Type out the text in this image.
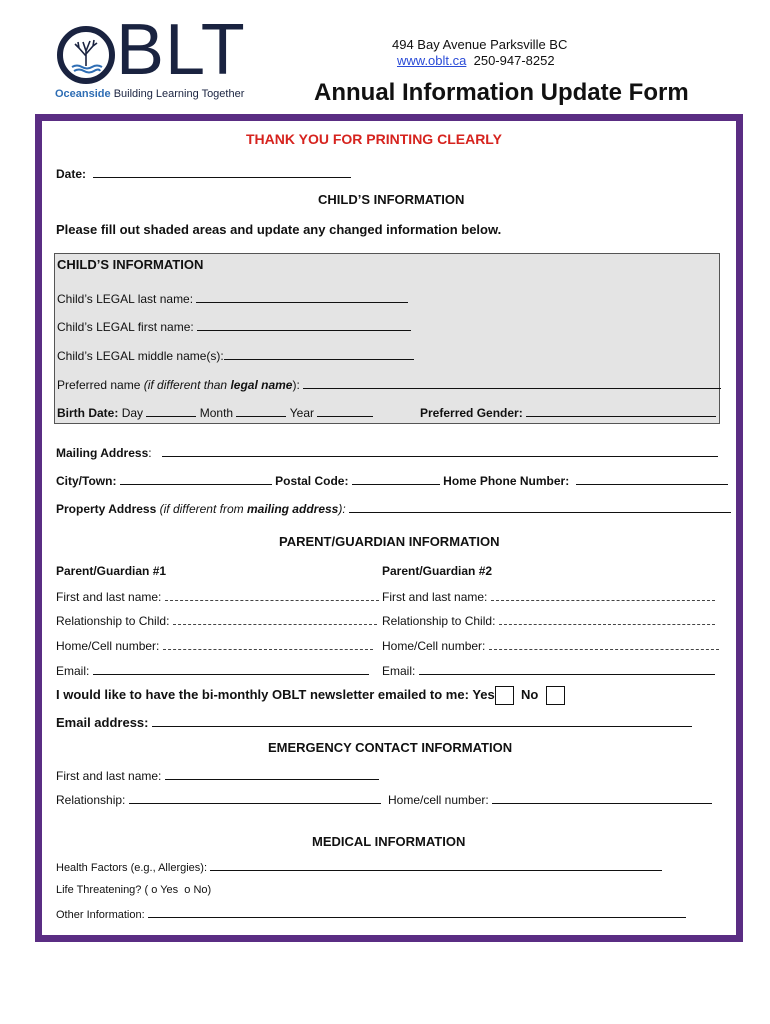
BLT
Oceanside Building Learning Together
494 Bay Avenue Parksville BC
www.oblt.ca 250-947-8252
Annual Information Update Form
THANK YOU FOR PRINTING CLEARLY
Date:
CHILD’S INFORMATION
Please fill out shaded areas and update any changed information below.
CHILD’S INFORMATION
Child’s LEGAL last name:
Child’s LEGAL first name:
Child’s LEGAL middle name(s):
Preferred name (if different than legal name):
Birth Date: Day	Month	Year	Preferred Gender:
Mailing Address:
City/Town:	Postal Code:	Home Phone Number:
Property Address (if different from mailing address):
PARENT/GUARDIAN INFORMATION
Parent/Guardian #1	Parent/Guardian #2
First and last name:	First and last name:
Relationship to Child:	Relationship to Child:
Home/Cell number:	Home/Cell number:
Email:	Email:
I would like to have the bi-monthly OBLT newsletter emailed to me: Yes No
Email address:
EMERGENCY CONTACT INFORMATION
First and last name:
Relationship:	Home/cell number:
MEDICAL INFORMATION
Health Factors (e.g., Allergies):
Life Threatening? ( o Yes o No)
Other Information:
